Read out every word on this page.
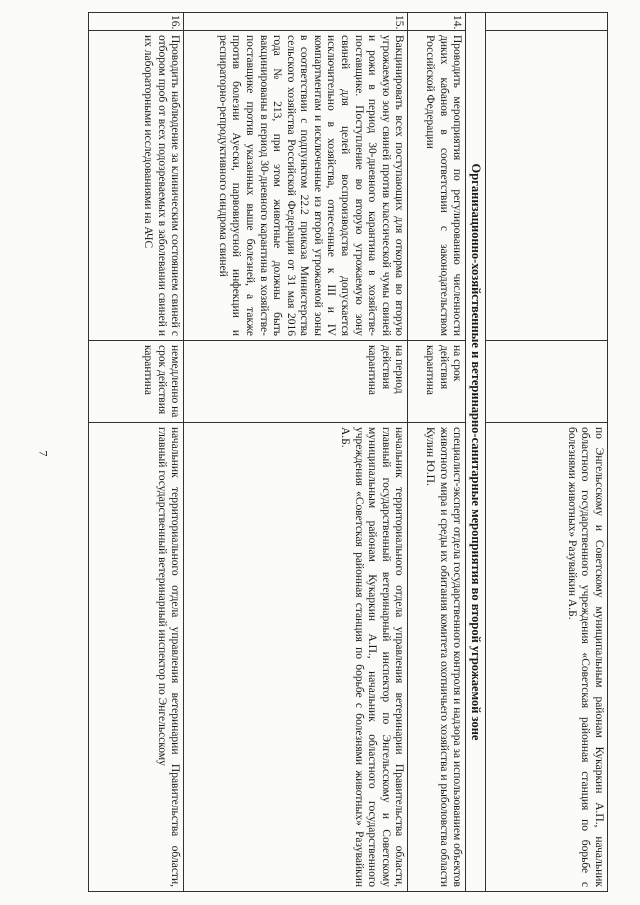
7	по Энгельсскому и Советскому муниципальным районам Кукаркин А.П., начальник областного государственного учреждения «Советская районная станция по борьбе с болезнями животных» Разувайкин А.Б.
Организационно-хозяйственные и ветеринарно-санитарные мероприятия во второй угрожаемой зоне
14.
Проводить мероприятия по регулированию численности диких кабанов в соответствии с законодательством Российской Федерации
на срок действия карантина
специалист-эксперт отдела государственного контроля и надзора за использованием объектов животного мира и среды их обитания комитета охотничьего хозяйства и рыболовства области Кулин Ю.П.
15.
Вакцинировать всех поступающих для откорма во вторую угрожаемую зону свиней против классической чумы свиней и рожи в период 30-дневного карантина в хозяйстве-поставщике. Поступление во вторую угрожаемую зону свиней для целей воспроизводства допускается исключительно в хозяйства, отнесенные к III и IV компартментам и исключенные из второй угрожаемой зоны в соответствии с подпунктом 22.2 приказа Министерства сельского хозяйства Российской Федерации от 31 мая 2016 года № 213, при этом животные должны быть вакцинированы в период 30-дневного карантина в хозяйстве-поставщике против указанных выше болезней, а также против болезни Ауески, парвовирусной инфекции и респираторно-репродуктивного синдрома свиней
на период действия карантина
начальник территориального отдела управления ветеринарии Правительства области, главный государственный ветеринарный инспектор по Энгельсскому и Советскому муниципальным районам Кукаркин А.П., начальник областного государственного учреждения «Советская районная станция по борьбе с болезнями животных» Разувайкин А.Б.
16.
Проводить наблюдение за клиническим состоянием свиней с отбором проб от всех подозреваемых в заболевании свиней и их лабораторными исследованиями на АЧС
немедленно на срок действия карантина
начальник территориального отдела управления ветеринарии Правительства области, главный государственный ветеринарный инспектор по Энгельсскому
